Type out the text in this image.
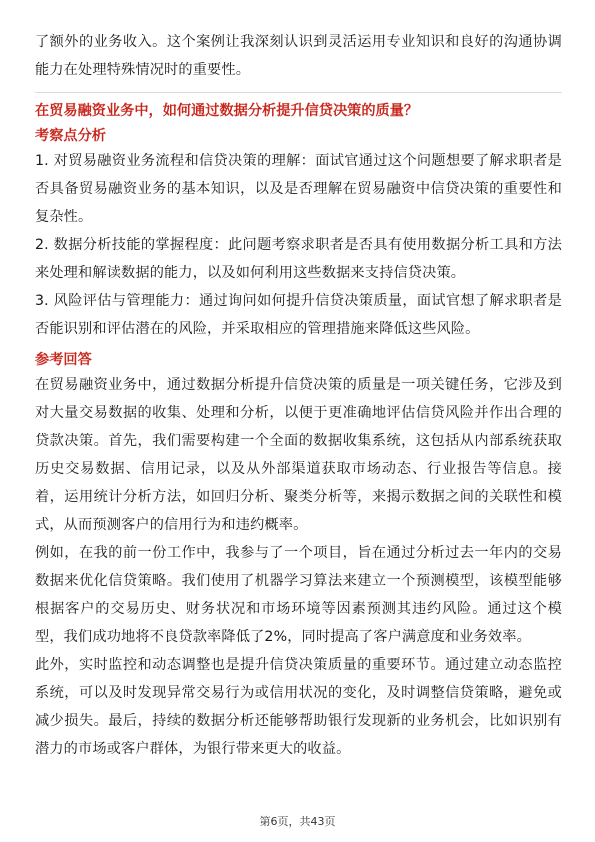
了额外的业务收入。这个案例让我深刻认识到灵活运用专业知识和良好的沟通协调能力在处理特殊情况时的重要性。

在贸易融资业务中，如何通过数据分析提升信贷决策的质量？

考察点分析

1. 对贸易融资业务流程和信贷决策的理解：面试官通过这个问题想要了解求职者是否具备贸易融资业务的基本知识，以及是否理解在贸易融资中信贷决策的重要性和复杂性。

2. 数据分析技能的掌握程度：此问题考察求职者是否具有使用数据分析工具和方法来处理和解读数据的能力，以及如何利用这些数据来支持信贷决策。

3. 风险评估与管理能力：通过询问如何提升信贷决策质量，面试官想了解求职者是否能识别和评估潜在的风险，并采取相应的管理措施来降低这些风险。

参考回答

在贸易融资业务中，通过数据分析提升信贷决策的质量是一项关键任务，它涉及到对大量交易数据的收集、处理和分析，以便于更准确地评估信贷风险并作出合理的贷款决策。首先，我们需要构建一个全面的数据收集系统，这包括从内部系统获取历史交易数据、信用记录，以及从外部渠道获取市场动态、行业报告等信息。接着，运用统计分析方法，如回归分析、聚类分析等，来揭示数据之间的关联性和模式，从而预测客户的信用行为和违约概率。

例如，在我的前一份工作中，我参与了一个项目，旨在通过分析过去一年内的交易数据来优化信贷策略。我们使用了机器学习算法来建立一个预测模型，该模型能够根据客户的交易历史、财务状况和市场环境等因素预测其违约风险。通过这个模型，我们成功地将不良贷款率降低了2%，同时提高了客户满意度和业务效率。

此外，实时监控和动态调整也是提升信贷决策质量的重要环节。通过建立动态监控系统，可以及时发现异常交易行为或信用状况的变化，及时调整信贷策略，避免或减少损失。最后，持续的数据分析还能够帮助银行发现新的业务机会，比如识别有潜力的市场或客户群体，为银行带来更大的收益。

第6页，共43页
